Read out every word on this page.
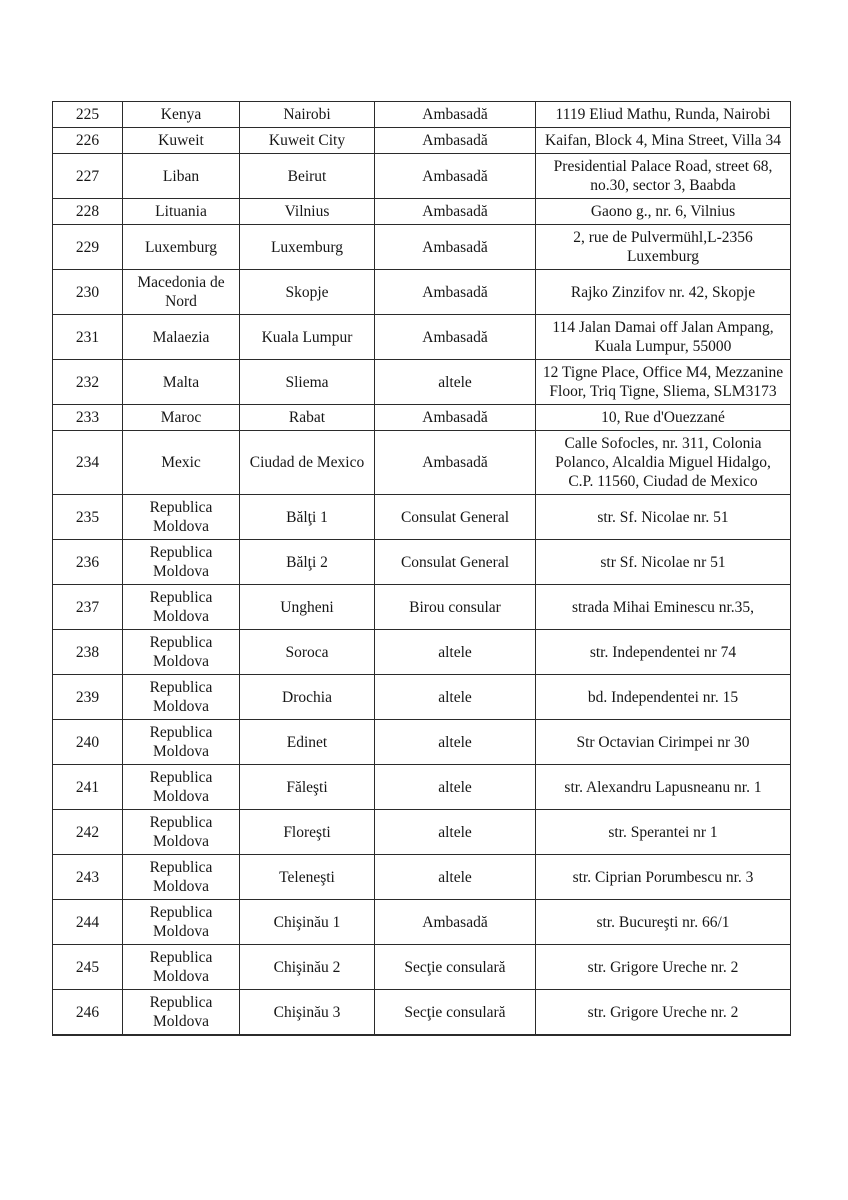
225	Kenya	Nairobi	Ambasadă	1119 Eliud Mathu, Runda, Nairobi
226	Kuweit	Kuweit City	Ambasadă	Kaifan, Block 4, Mina Street, Villa 34
227	Liban	Beirut	Ambasadă	Presidential Palace Road, street 68, no.30, sector 3, Baabda
228	Lituania	Vilnius	Ambasadă	Gaono g., nr. 6, Vilnius
229	Luxemburg	Luxemburg	Ambasadă	2, rue de Pulvermühl,L-2356 Luxemburg
230	Macedonia de Nord	Skopje	Ambasadă	Rajko Zinzifov nr. 42, Skopje
231	Malaezia	Kuala Lumpur	Ambasadă	114 Jalan Damai off Jalan Ampang, Kuala Lumpur, 55000
232	Malta	Sliema	altele	12 Tigne Place, Office M4, Mezzanine Floor, Triq Tigne, Sliema, SLM3173
233	Maroc	Rabat	Ambasadă	10, Rue d'Ouezzané
234	Mexic	Ciudad de Mexico	Ambasadă	Calle Sofocles, nr. 311, Colonia Polanco, Alcaldia Miguel Hidalgo, C.P. 11560, Ciudad de Mexico
235	Republica Moldova	Bălţi 1	Consulat General	str. Sf. Nicolae nr. 51
236	Republica Moldova	Bălţi 2	Consulat General	str Sf. Nicolae nr 51
237	Republica Moldova	Ungheni	Birou consular	strada Mihai Eminescu nr.35,
238	Republica Moldova	Soroca	altele	str. Independentei nr 74
239	Republica Moldova	Drochia	altele	bd. Independentei nr. 15
240	Republica Moldova	Edinet	altele	Str Octavian Cirimpei nr 30
241	Republica Moldova	Făleşti	altele	str. Alexandru Lapusneanu nr. 1
242	Republica Moldova	Floreşti	altele	str. Sperantei nr 1
243	Republica Moldova	Teleneşti	altele	str. Ciprian Porumbescu nr. 3
244	Republica Moldova	Chişinău 1	Ambasadă	str. Bucureşti nr. 66/1
245	Republica Moldova	Chişinău 2	Secţie consulară	str. Grigore Ureche nr. 2
246	Republica Moldova	Chişinău 3	Secţie consulară	str. Grigore Ureche nr. 2
